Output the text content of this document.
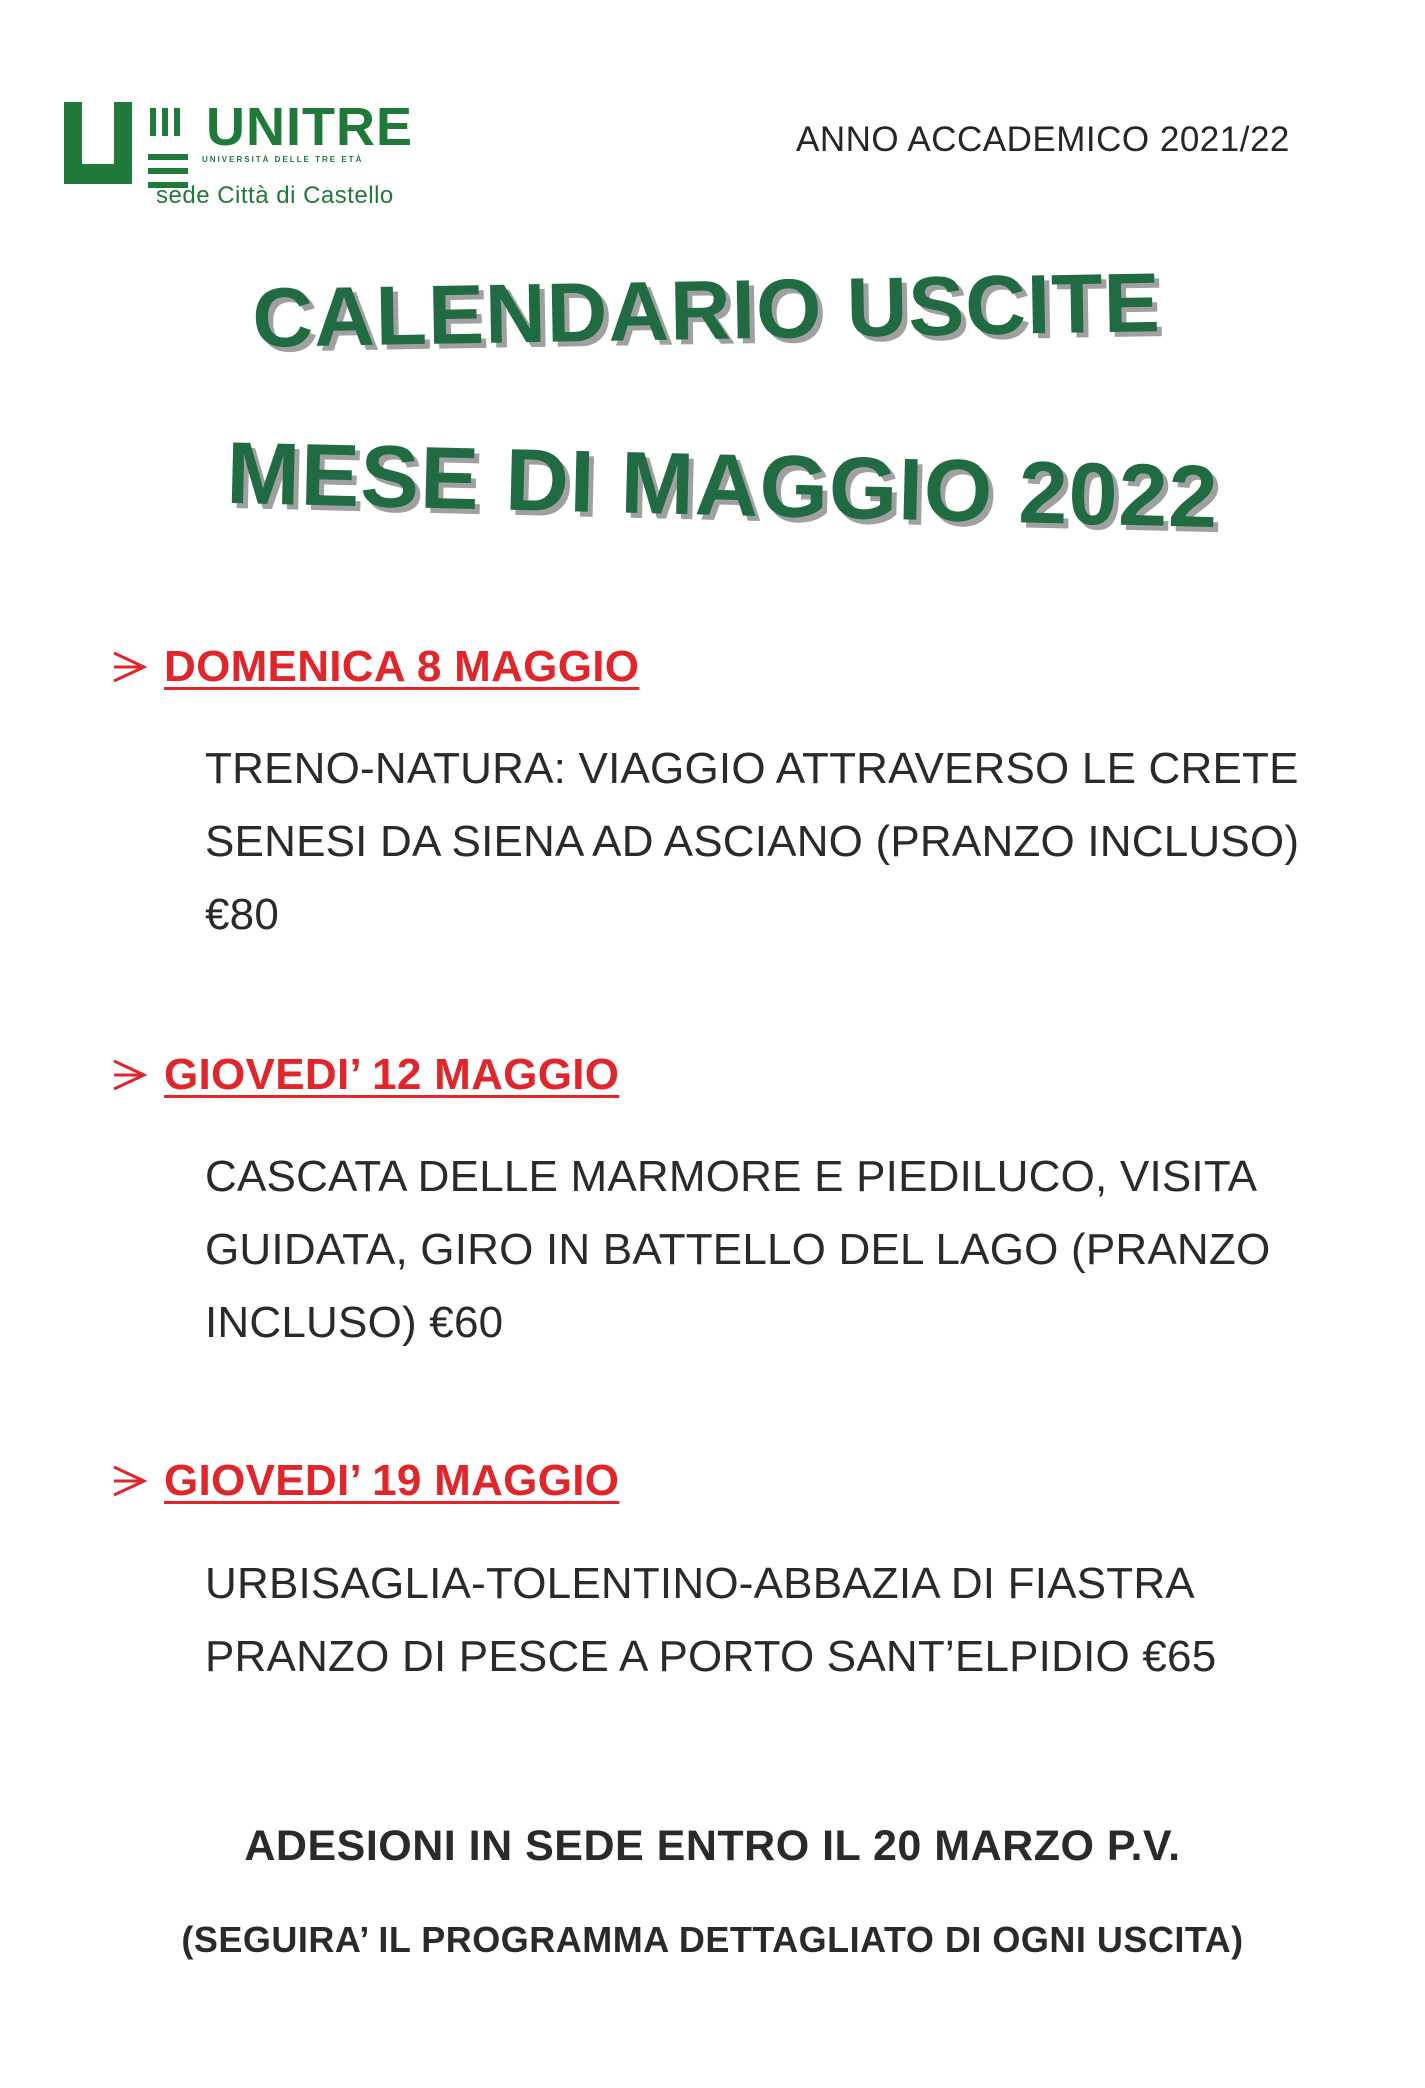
UNITRE
UNIVERSITÀ DELLE TRE ETÀ
sede Città di Castello
ANNO ACCADEMICO 2021/22
CALENDARIO USCITE
MESE DI MAGGIO 2022
DOMENICA 8 MAGGIO
TRENO-NATURA: VIAGGIO ATTRAVERSO LE CRETE
SENESI DA SIENA AD ASCIANO (PRANZO INCLUSO)
€80
GIOVEDI’ 12 MAGGIO
CASCATA DELLE MARMORE E PIEDILUCO, VISITA
GUIDATA, GIRO IN BATTELLO DEL LAGO (PRANZO
INCLUSO) €60
GIOVEDI’ 19 MAGGIO
URBISAGLIA-TOLENTINO-ABBAZIA DI FIASTRA
PRANZO DI PESCE A PORTO SANT’ELPIDIO €65
ADESIONI IN SEDE ENTRO IL 20 MARZO P.V.
(SEGUIRA’ IL PROGRAMMA DETTAGLIATO DI OGNI USCITA)
